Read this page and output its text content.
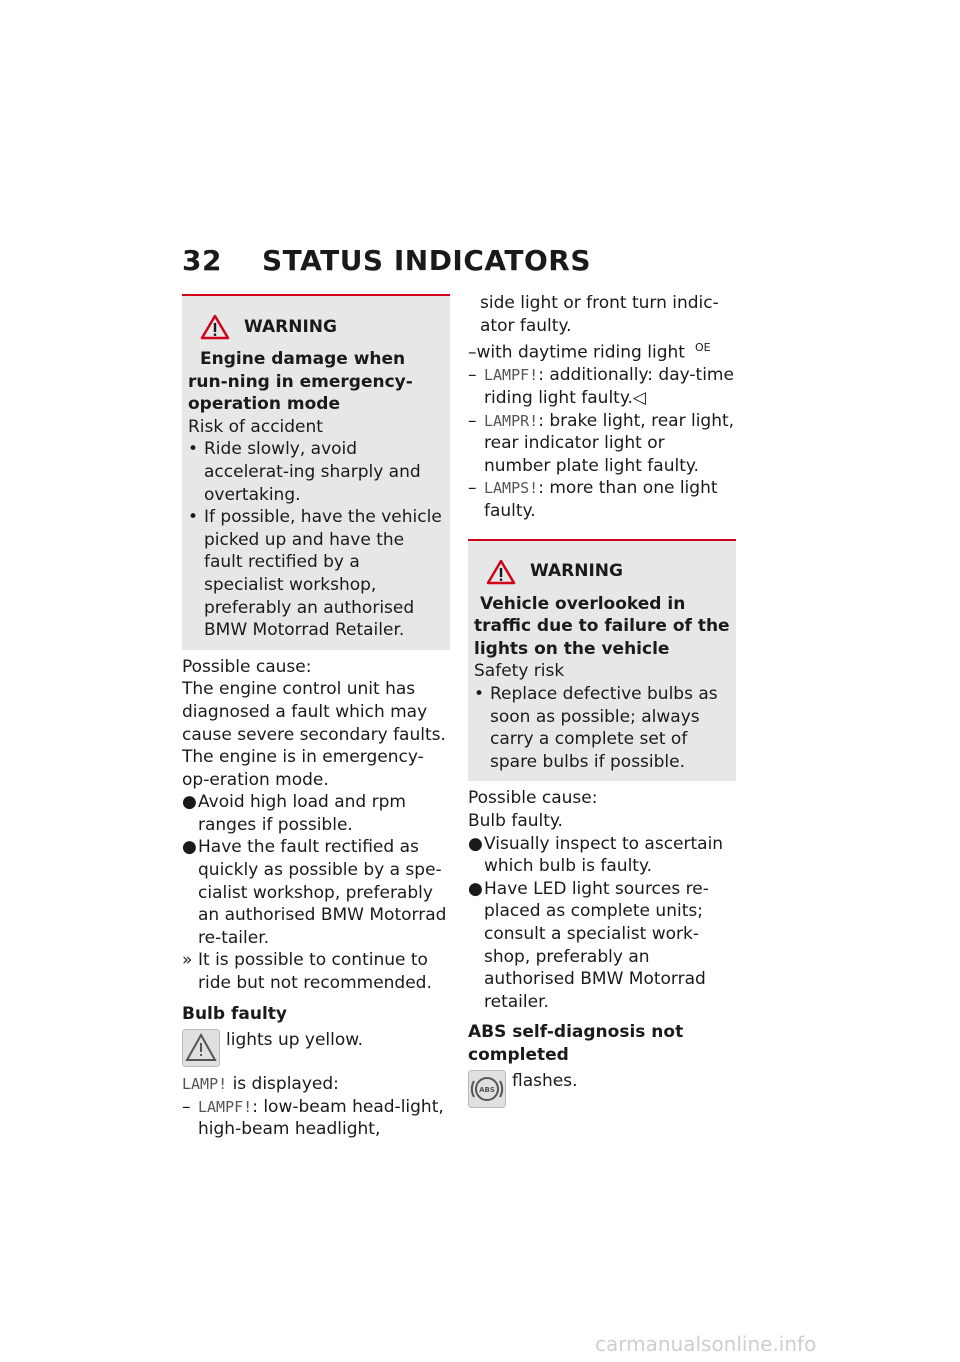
32 STATUS INDICATORS
WARNING
Engine damage when run-ning in emergency-operation mode
Risk of accident
• Ride slowly, avoid accelerat-ing sharply and overtaking.
• If possible, have the vehicle picked up and have the fault rectified by a specialist workshop, preferably an authorised BMW Motorrad Retailer.
Possible cause:
The engine control unit has diagnosed a fault which may cause severe secondary faults. The engine is in emergency-op-eration mode.
● Avoid high load and rpm ranges if possible.
● Have the fault rectified as quickly as possible by a spe-cialist workshop, preferably an authorised BMW Motorrad re-tailer.
» It is possible to continue to ride but not recommended.
Bulb faulty
lights up yellow.
LAMP! is displayed:
– LAMPF!: low-beam head-light, high-beam headlight,
side light or front turn indic-ator faulty.
–with daytime riding light $^{OE}$
– LAMPF!: additionally: day-time riding light faulty.◁
– LAMPR!: brake light, rear light, rear indicator light or number plate light faulty.
– LAMPS!: more than one light faulty.
WARNING
Vehicle overlooked in traffic due to failure of the lights on the vehicle
Safety risk
• Replace defective bulbs as soon as possible; always carry a complete set of spare bulbs if possible.
Possible cause:
Bulb faulty.
● Visually inspect to ascertain which bulb is faulty.
● Have LED light sources re-placed as complete units; consult a specialist work-shop, preferably an authorised BMW Motorrad retailer.
ABS self-diagnosis not completed
ABS flashes.
carmanualsonline.info
